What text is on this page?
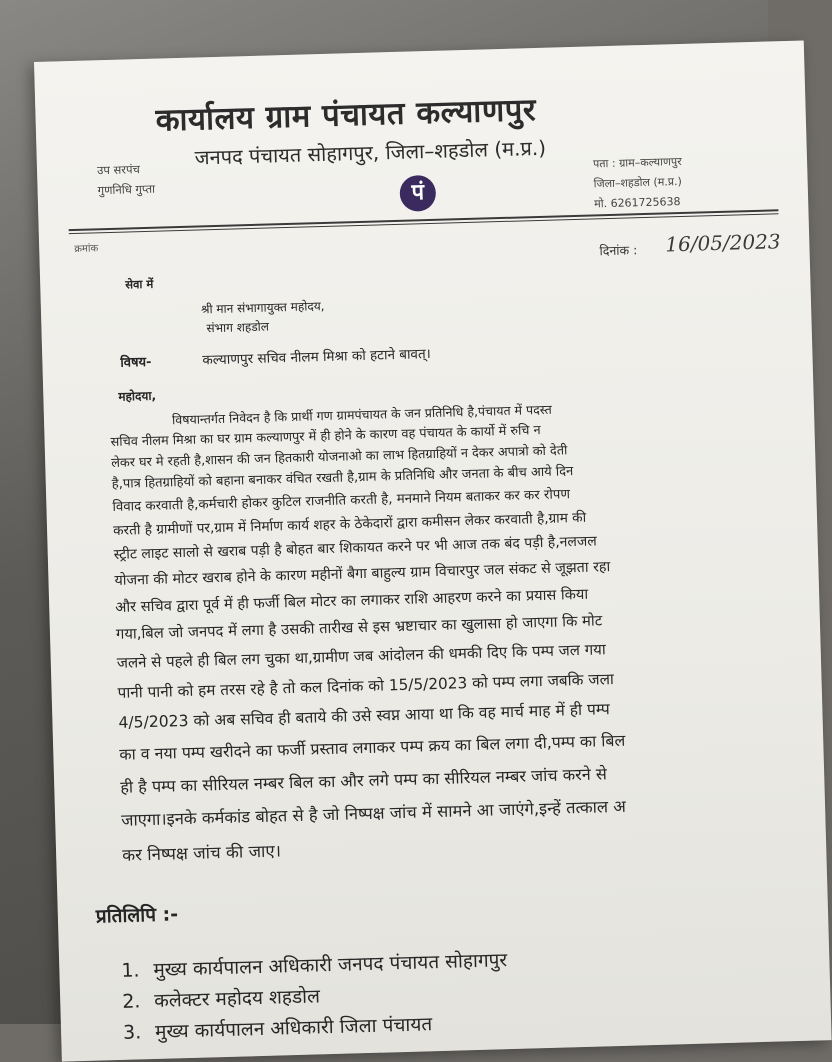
कार्यालय ग्राम पंचायत कल्याणपुर
जनपद पंचायत सोहागपुर, जिला–शहडोल (म.प्र.)
उप सरपंच
गुणनिधि गुप्ता
पता : ग्राम–कल्याणपुर
जिला–शहडोल (म.प्र.)
मो. 6261725638
पं
क्रमांक	दिनांक : 16/05/2023
सेवा में
श्री मान संभागायुक्त महोदय,
संभाग शहडोल
विषय-	कल्याणपुर सचिव नीलम मिश्रा को हटाने बावत्।
महोदया,
विषयान्तर्गत निवेदन है कि प्रार्थी गण ग्रामपंचायत के जन प्रतिनिधि है,पंचायत में पदस्त
सचिव नीलम मिश्रा का घर ग्राम कल्याणपुर में ही होने के कारण वह पंचायत के कार्यो में रुचि न
लेकर घर मे रहती है,शासन की जन हितकारी योजनाओ का लाभ हितग्राहियों न देकर अपात्रो को देती
है,पात्र हितग्राहियों को बहाना बनाकर वंचित रखती है,ग्राम के प्रतिनिधि और जनता के बीच आये दिन
विवाद करवाती है,कर्मचारी होकर कुटिल राजनीति करती है, मनमाने नियम बताकर कर कर रोपण
करती है ग्रामीणों पर,ग्राम में निर्माण कार्य शहर के ठेकेदारों द्वारा कमीसन लेकर करवाती है,ग्राम की
स्ट्रीट लाइट सालो से खराब पड़ी है बोहत बार शिकायत करने पर भी आज तक बंद पड़ी है,नलजल
योजना की मोटर खराब होने के कारण महीनों बैगा बाहुल्य ग्राम विचारपुर जल संकट से जूझता रहा
और सचिव द्वारा पूर्व में ही फर्जी बिल मोटर का लगाकर राशि आहरण करने का प्रयास किया
गया,बिल जो जनपद में लगा है उसकी तारीख से इस भ्रष्टाचार का खुलासा हो जाएगा कि मोट
जलने से पहले ही बिल लग चुका था,ग्रामीण जब आंदोलन की धमकी दिए कि पम्प जल गया
पानी पानी को हम तरस रहे है तो कल दिनांक को 15/5/2023 को पम्प लगा जबकि जला
4/5/2023 को अब सचिव ही बताये की उसे स्वप्न आया था कि वह मार्च माह में ही पम्प
का व नया पम्प खरीदने का फर्जी प्रस्ताव लगाकर पम्प क्रय का बिल लगा दी,पम्प का बिल
ही है पम्प का सीरियल नम्बर बिल का और लगे पम्प का सीरियल नम्बर जांच करने से
जाएगा।इनके कर्मकांड बोहत से है जो निष्पक्ष जांच में सामने आ जाएंगे,इन्हें तत्काल अ
कर निष्पक्ष जांच की जाए।
प्रतिलिपि :-
1. मुख्य कार्यपालन अधिकारी जनपद पंचायत सोहागपुर
2. कलेक्टर महोदय शहडोल
3. मुख्य कार्यपालन अधिकारी जिला पंचायत
